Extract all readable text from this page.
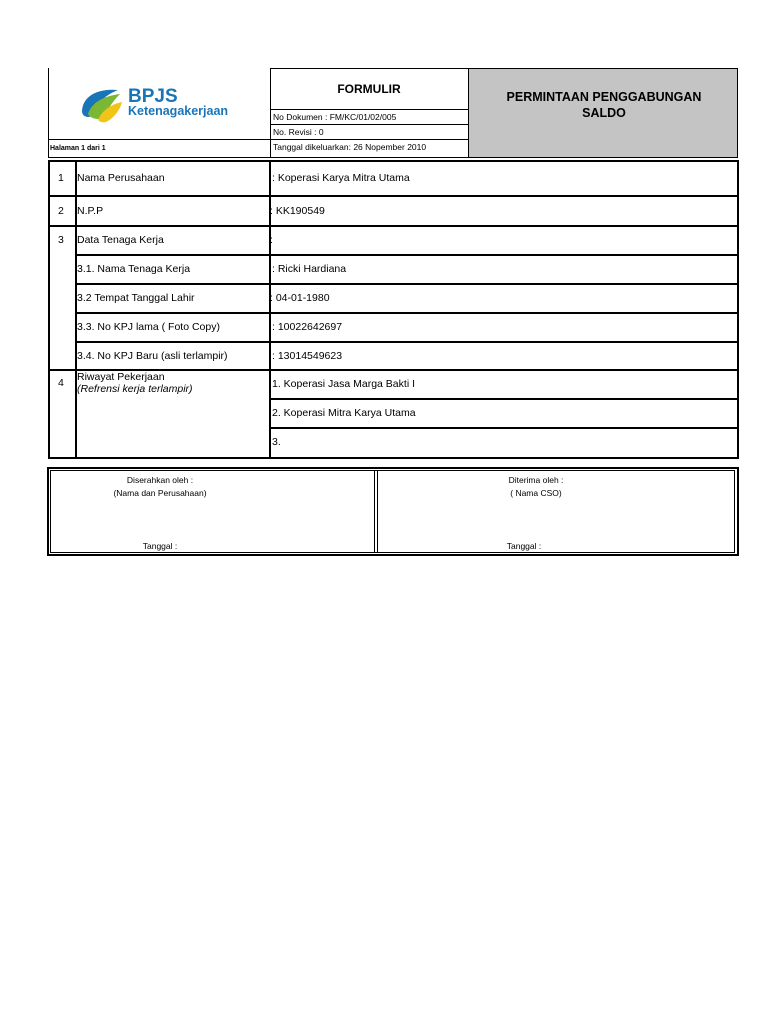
BPJS
Ketenagakerjaan
FORMULIR
No Dokumen : FM/KC/01/02/005
No. Revisi : 0
Tanggal dikeluarkan: 26 Nopember 2010
Halaman 1 dari 1
PERMINTAAN PENGGABUNGAN
SALDO
1 Nama Perusahaan	: Koperasi Karya Mitra Utama
2 N.P.P	: KK190549
3 Data Tenaga Kerja	:
3.1. Nama Tenaga Kerja	: Ricki Hardiana
3.2 Tempat Tanggal Lahir	: 04-01-1980
3.3. No KPJ lama ( Foto Copy)	: 10022642697
3.4. No KPJ Baru (asli terlampir)	: 13014549623
4 Riwayat Pekerjaan
(Refrensi kerja terlampir)	1. Koperasi Jasa Marga Bakti I
2. Koperasi Mitra Karya Utama
3.
Diserahkan oleh :
(Nama dan Perusahaan)
Tanggal :
Diterima oleh :
( Nama CSO)
Tanggal :
